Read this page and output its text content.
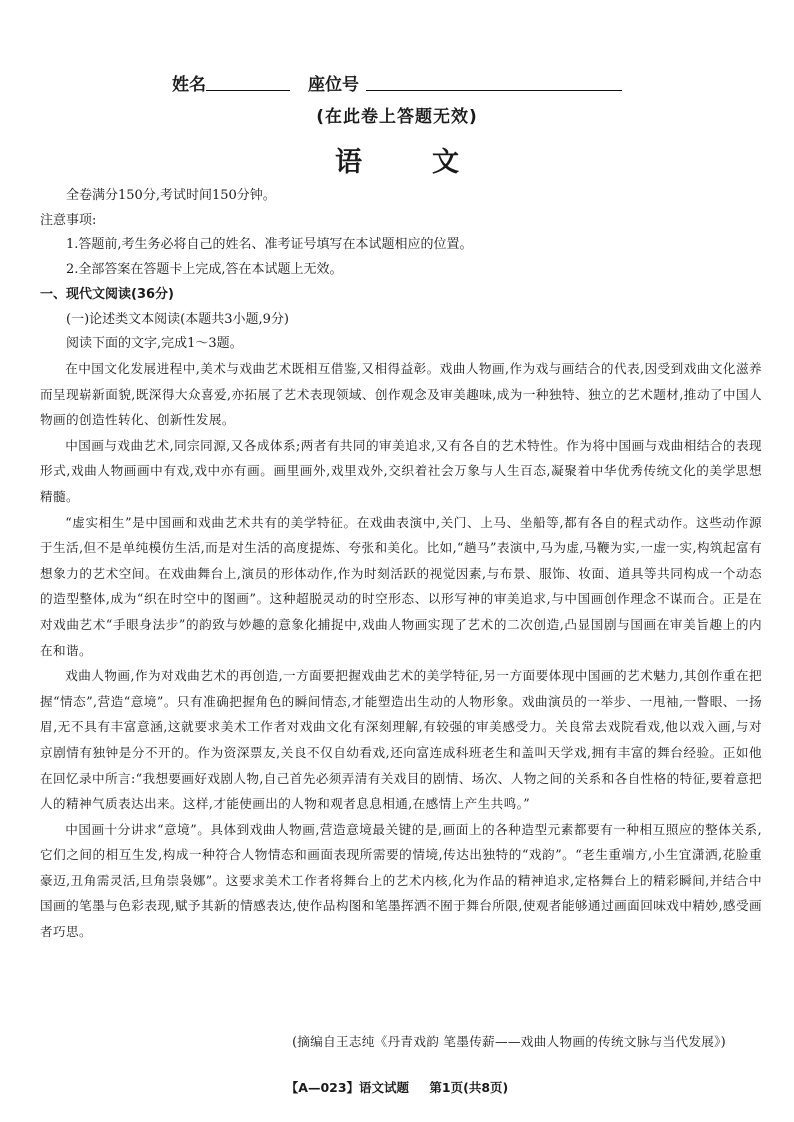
姓名	座位号
(在此卷上答题无效)
语	文

全卷满分150分,考试时间150分钟。

注意事项:

1.答题前,考生务必将自己的姓名、准考证号填写在本试题相应的位置。

2.全部答案在答题卡上完成,答在本试题上无效。

一、现代文阅读(36分)

(一)论述类文本阅读(本题共3小题,9分)

阅读下面的文字,完成1～3题。

在中国文化发展进程中,美术与戏曲艺术既相互借鉴,又相得益彰。戏曲人物画,作为戏与画结合的代表,因受到戏曲文化滋养而呈现崭新面貌,既深得大众喜爱,亦拓展了艺术表现领域、创作观念及审美趣味,成为一种独特、独立的艺术题材,推动了中国人物画的创造性转化、创新性发展。

中国画与戏曲艺术,同宗同源,又各成体系;两者有共同的审美追求,又有各自的艺术特性。作为将中国画与戏曲相结合的表现形式,戏曲人物画画中有戏,戏中亦有画。画里画外,戏里戏外,交织着社会万象与人生百态,凝聚着中华优秀传统文化的美学思想精髓。

“虚实相生”是中国画和戏曲艺术共有的美学特征。在戏曲表演中,关门、上马、坐船等,都有各自的程式动作。这些动作源于生活,但不是单纯模仿生活,而是对生活的高度提炼、夸张和美化。比如,“趟马”表演中,马为虚,马鞭为实,一虚一实,构筑起富有想象力的艺术空间。在戏曲舞台上,演员的形体动作,作为时刻活跃的视觉因素,与布景、服饰、妆面、道具等共同构成一个动态的造型整体,成为“织在时空中的图画”。这种超脱灵动的时空形态、以形写神的审美追求,与中国画创作理念不谋而合。正是在对戏曲艺术“手眼身法步”的韵致与妙趣的意象化捕捉中,戏曲人物画实现了艺术的二次创造,凸显国剧与国画在审美旨趣上的内在和谐。

戏曲人物画,作为对戏曲艺术的再创造,一方面要把握戏曲艺术的美学特征,另一方面要体现中国画的艺术魅力,其创作重在把握“情态”,营造“意境”。只有准确把握角色的瞬间情态,才能塑造出生动的人物形象。戏曲演员的一举步、一甩袖,一瞥眼、一扬眉,无不具有丰富意涵,这就要求美术工作者对戏曲文化有深刻理解,有较强的审美感受力。关良常去戏院看戏,他以戏入画,与对京剧情有独钟是分不开的。作为资深票友,关良不仅自幼看戏,还向富连成科班老生和盖叫天学戏,拥有丰富的舞台经验。正如他在回忆录中所言:“我想要画好戏剧人物,自己首先必须弄清有关戏目的剧情、场次、人物之间的关系和各自性格的特征,要着意把人的精神气质表达出来。这样,才能使画出的人物和观者息息相通,在感情上产生共鸣。”

中国画十分讲求“意境”。具体到戏曲人物画,营造意境最关键的是,画面上的各种造型元素都要有一种相互照应的整体关系,它们之间的相互生发,构成一种符合人物情态和画面表现所需要的情境,传达出独特的“戏韵”。“老生重端方,小生宜潇洒,花脸重豪迈,丑角需灵活,旦角崇袅娜”。这要求美术工作者将舞台上的艺术内核,化为作品的精神追求,定格舞台上的精彩瞬间,并结合中国画的笔墨与色彩表现,赋予其新的情感表达,使作品构图和笔墨挥洒不囿于舞台所限,使观者能够通过画面回味戏中精妙,感受画者巧思。

(摘编自王志纯《丹青戏韵 笔墨传薪——戏曲人物画的传统文脉与当代发展》)
【A—023】语文试题 第1页(共8页)
